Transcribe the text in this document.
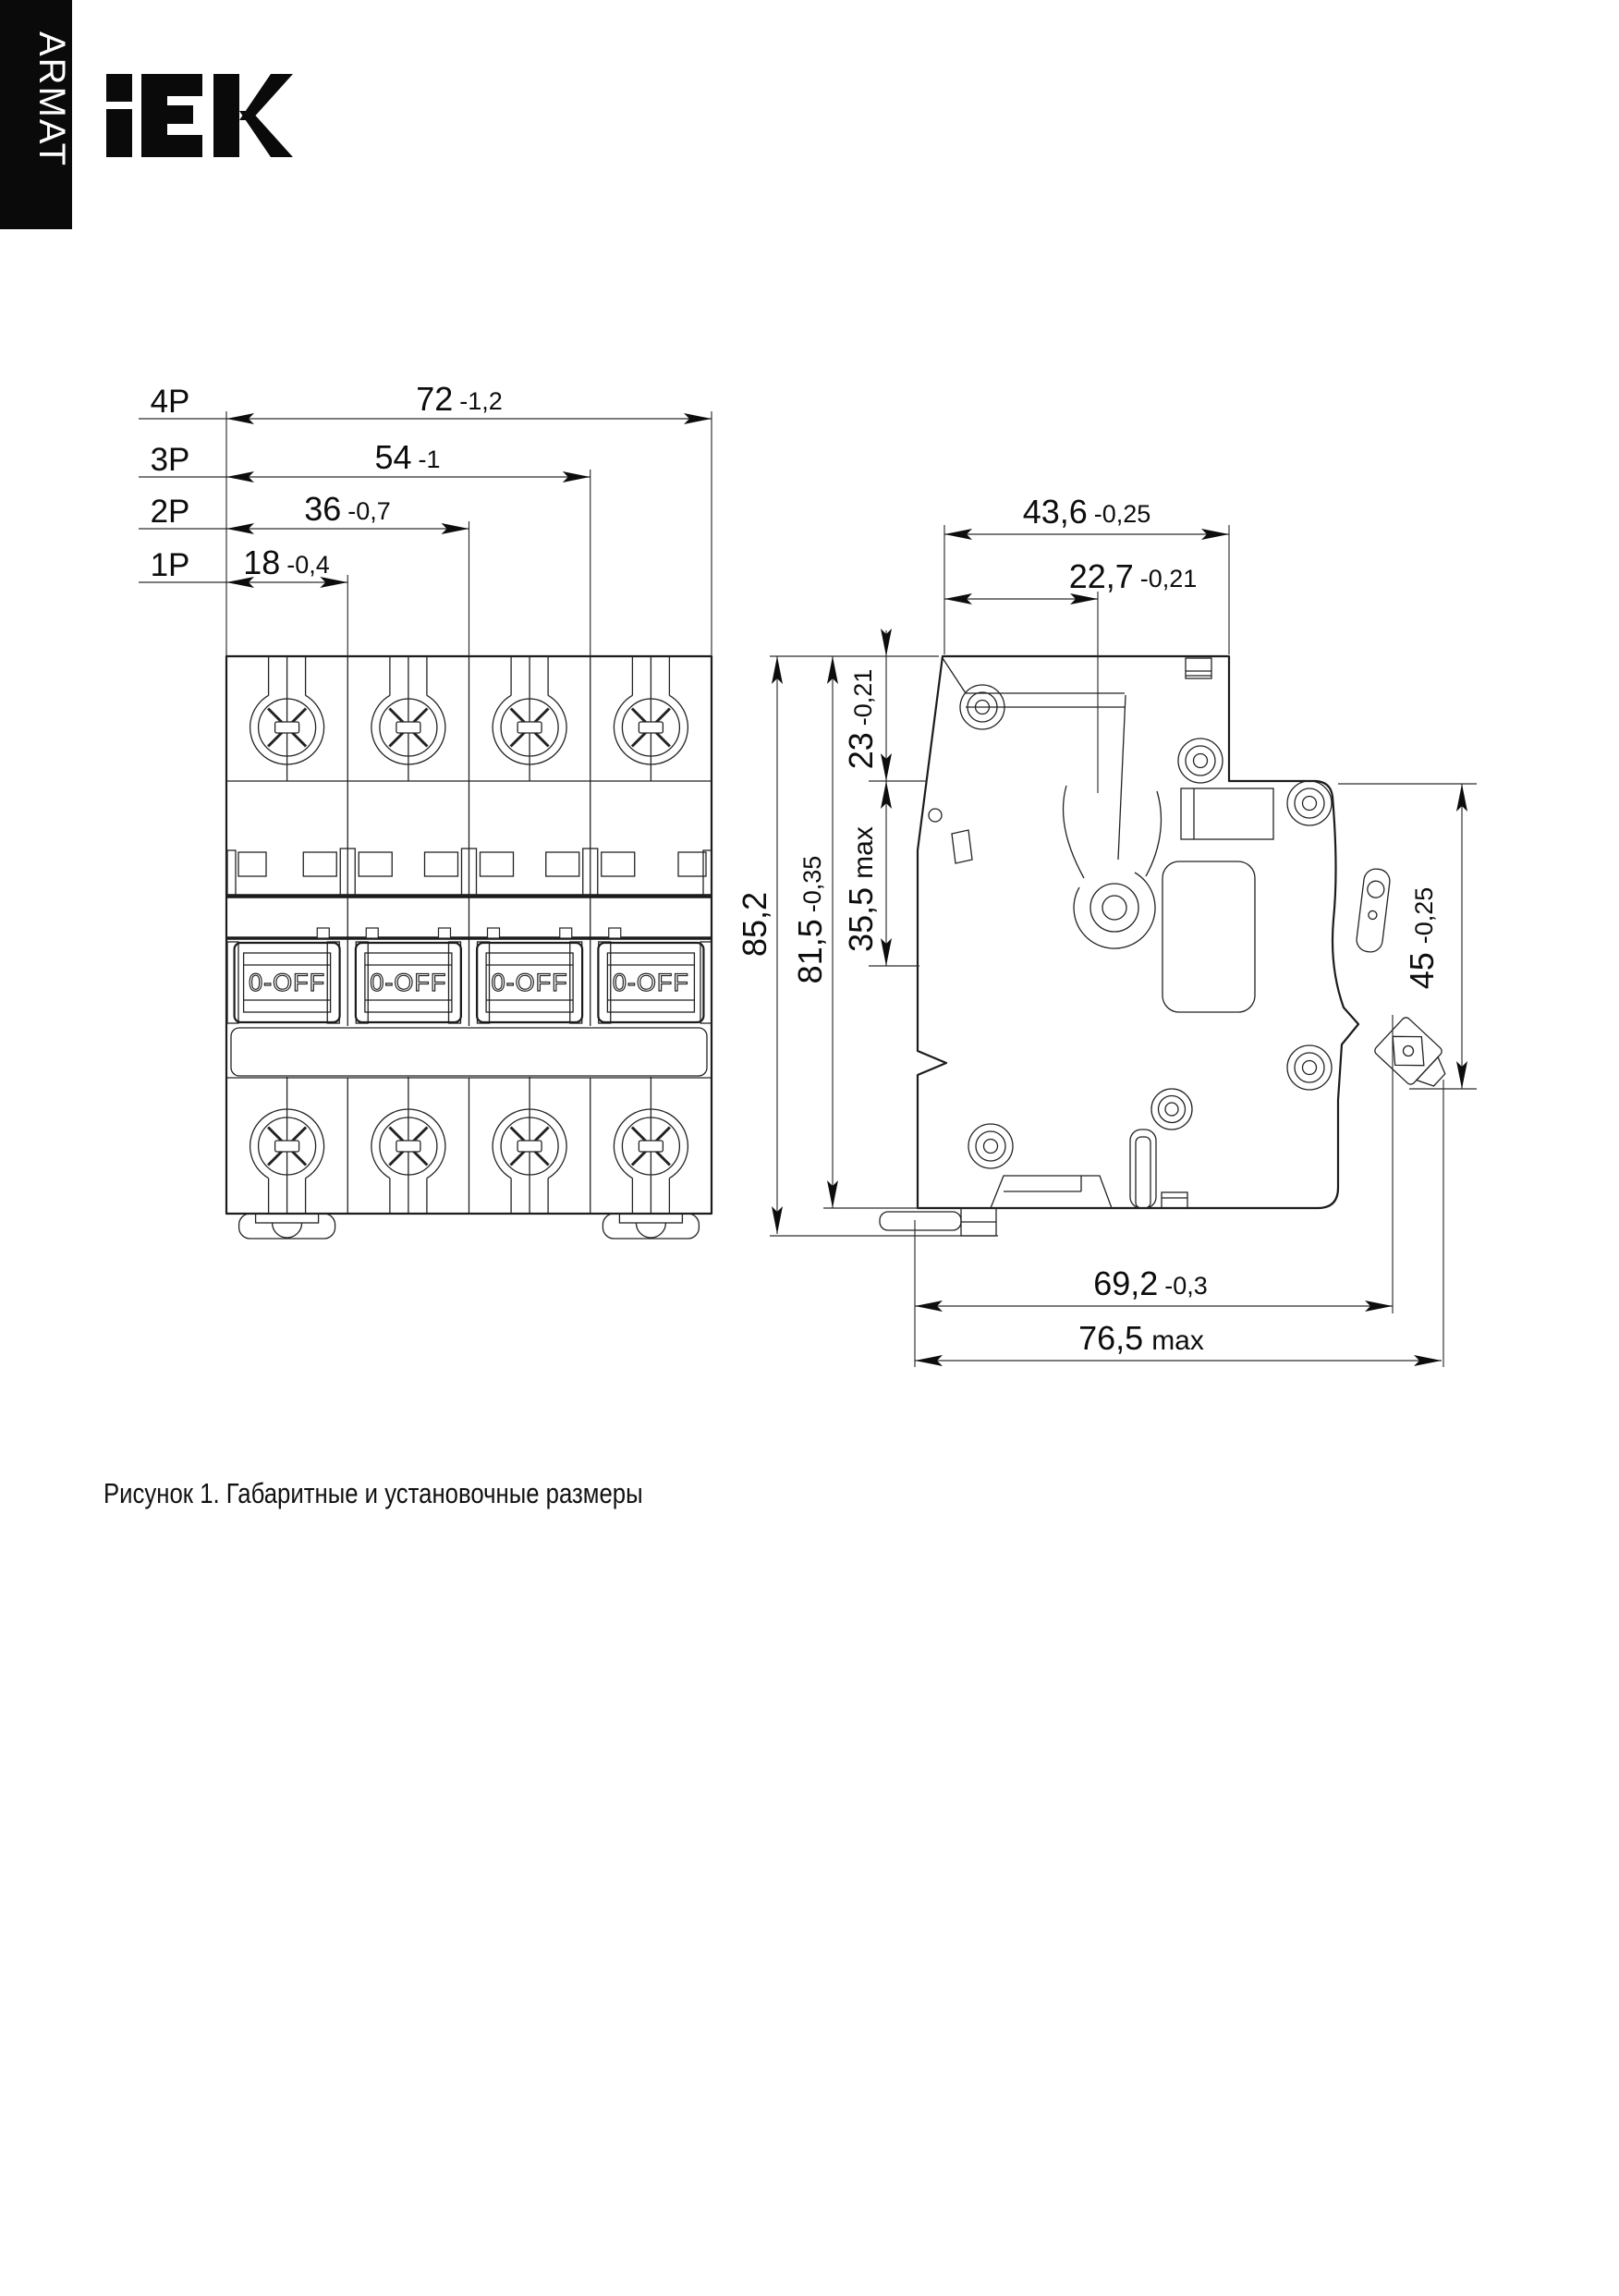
ARMAT
0-OFF 0-OFF 0-OFF 0-OFF
4P	72 -1,2
3P	54 -1
2P	36 -0,7
1P 18 -0,4
43,6 -0,25
22,7 -0,21
85,2 81,5-0,35
23-0,21
35,5max
45-0,25
69,2 -0,3
76,5 max
Рисунок 1. Габаритные и установочные размеры
